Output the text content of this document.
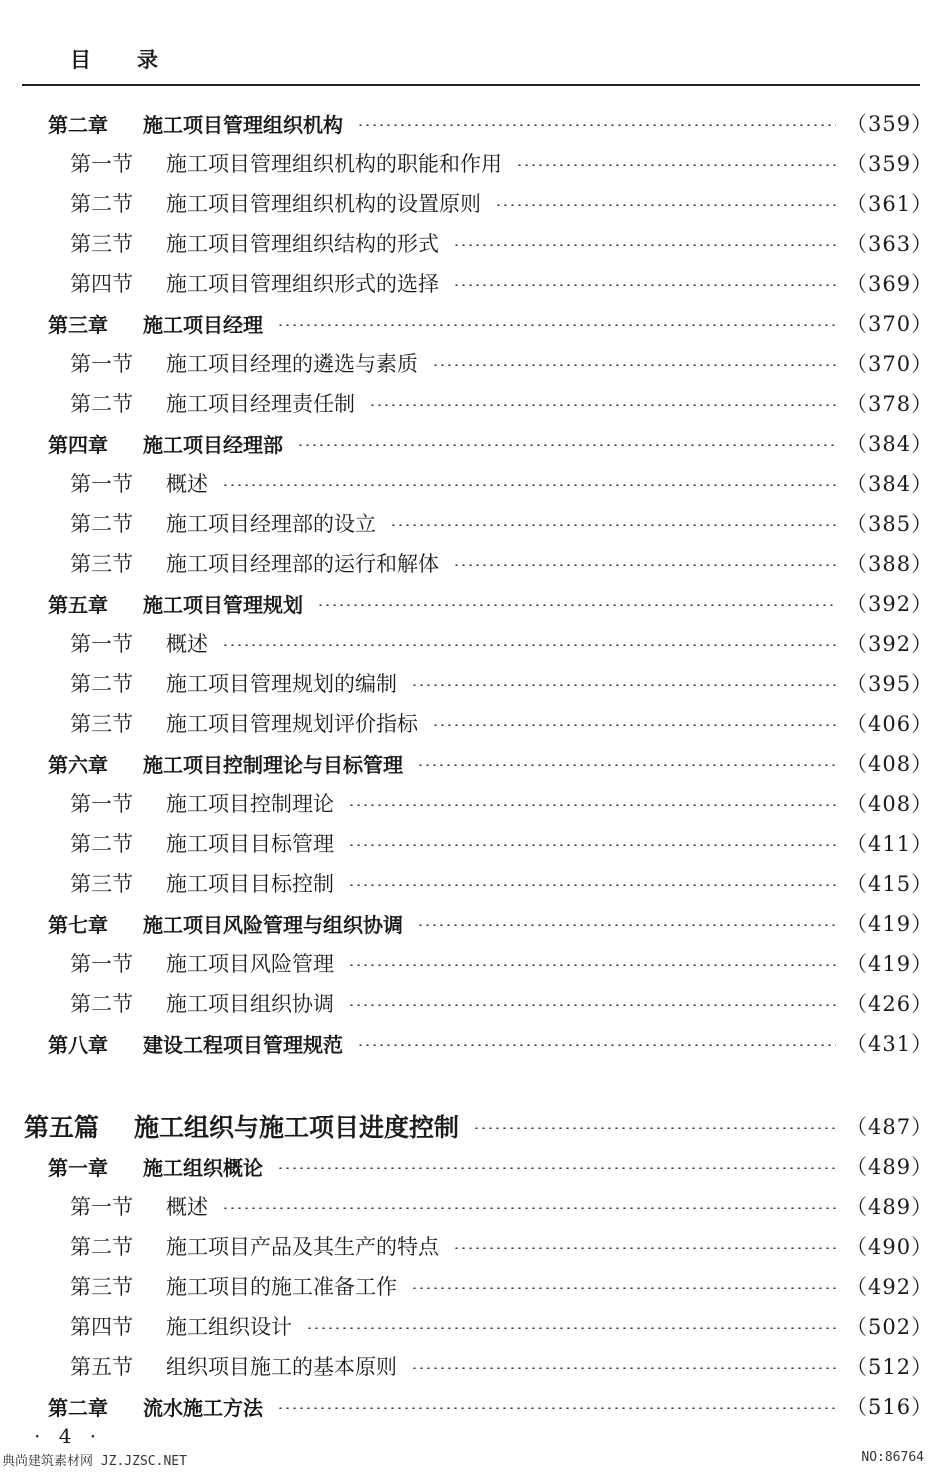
目录
第二章	施工项目管理组织机构	（359）
第一节	施工项目管理组织机构的职能和作用	（359）
第二节	施工项目管理组织机构的设置原则	（361）
第三节	施工项目管理组织结构的形式	（363）
第四节	施工项目管理组织形式的选择	（369）
第三章	施工项目经理	（370）
第一节	施工项目经理的遴选与素质	（370）
第二节	施工项目经理责任制	（378）
第四章	施工项目经理部	（384）
第一节	概述	（384）
第二节	施工项目经理部的设立	（385）
第三节	施工项目经理部的运行和解体	（388）
第五章	施工项目管理规划	（392）
第一节	概述	（392）
第二节	施工项目管理规划的编制	（395）
第三节	施工项目管理规划评价指标	（406）
第六章	施工项目控制理论与目标管理	（408）
第一节	施工项目控制理论	（408）
第二节	施工项目目标管理	（411）
第三节	施工项目目标控制	（415）
第七章	施工项目风险管理与组织协调	（419）
第一节	施工项目风险管理	（419）
第二节	施工项目组织协调	（426）
第八章	建设工程项目管理规范	（431）
第五篇	施工组织与施工项目进度控制	（487）
第一章	施工组织概论	（489）
第一节	概述	（489）
第二节	施工项目产品及其生产的特点	（490）
第三节	施工项目的施工准备工作	（492）
第四节	施工组织设计	（502）
第五节	组织项目施工的基本原则	（512）
第二章	流水施工方法	（516）
· 4 ·
典尚建筑素材网 JZ.JZSC.NET	NO:86764
